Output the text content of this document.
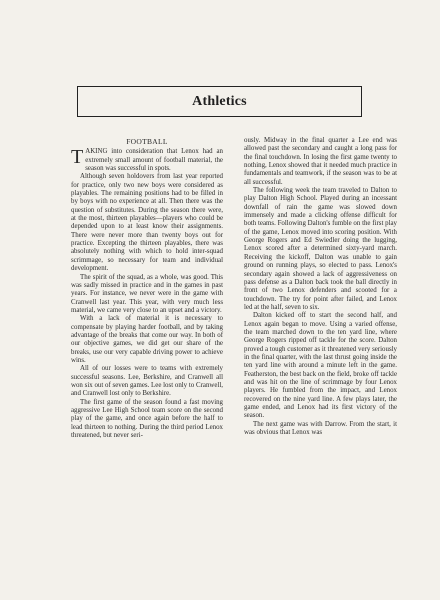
Athletics
FOOTBALL

TAKING into consideration that Lenox had an extremely small amount of football material, the season was successful in spots.

Although seven holdovers from last year reported for practice, only two new boys were considered as playables. The remaining positions had to be filled in by boys with no experience at all. Then there was the question of substitutes. During the season there were, at the most, thirteen playables—players who could be depended upon to at least know their assignments. There were never more than twenty boys out for practice. Excepting the thirteen playables, there was absolutely nothing with which to hold inter-squad scrimmage, so necessary for team and individual development.

The spirit of the squad, as a whole, was good. This was sadly missed in practice and in the games in past years. For instance, we never were in the game with Cranwell last year. This year, with very much less material, we came very close to an upset and a victory.

With a lack of material it is necessary to compensate by playing harder football, and by taking advantage of the breaks that come our way. In both of our objective games, we did get our share of the breaks, use our very capable driving power to achieve wins.

All of our losses were to teams with extremely successful seasons. Lee, Berkshire, and Cranwell all won six out of seven games. Lee lost only to Cranwell, and Cranwell lost only to Berkshire.

The first game of the season found a fast moving aggressive Lee High School team score on the second play of the game, and once again before the half to lead thirteen to nothing. During the third period Lenox threatened, but never seri-

ously. Midway in the final quarter a Lee end was allowed past the secondary and caught a long pass for the final touchdown. In losing the first game twenty to nothing, Lenox showed that it needed much practice in fundamentals and teamwork, if the season was to be at all successful.

The following week the team traveled to Dalton to play Dalton High School. Played during an incessant downfall of rain the game was slowed down immensely and made a clicking offense difficult for both teams. Following Dalton's fumble on the first play of the game, Lenox moved into scoring position. With George Rogers and Ed Swiedler doing the lugging, Lenox scored after a determined sixty-yard march. Receiving the kickoff, Dalton was unable to gain ground on running plays, so elected to pass. Lenox's secondary again showed a lack of aggressiveness on pass defense as a Dalton back took the ball directly in front of two Lenox defenders and scooted for a touchdown. The try for point after failed, and Lenox led at the half, seven to six.

Dalton kicked off to start the second half, and Lenox again began to move. Using a varied offense, the team marched down to the ten yard line, where George Rogers ripped off tackle for the score. Dalton proved a tough customer as it threatened very seriously in the final quarter, with the last thrust going inside the ten yard line with around a minute left in the game. Featherston, the best back on the field, broke off tackle and was hit on the line of scrimmage by four Lenox players. He fumbled from the impact, and Lenox recovered on the nine yard line. A few plays later, the game ended, and Lenox had its first victory of the season.

The next game was with Darrow. From the start, it was obvious that Lenox was
